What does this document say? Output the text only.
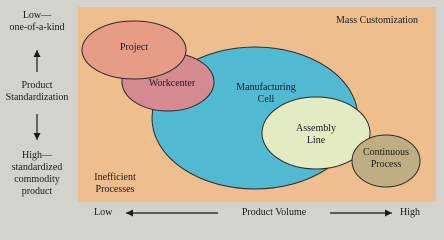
Low—
one-of-a-kind
Product
Standardization
High—
standardized
commodity
product
Low	Product Volume	High
Mass Customization
Inefficient
Processes
Project
Workcenter	Manufacturing
Cell
Assembly
Line
Continuous
Process
